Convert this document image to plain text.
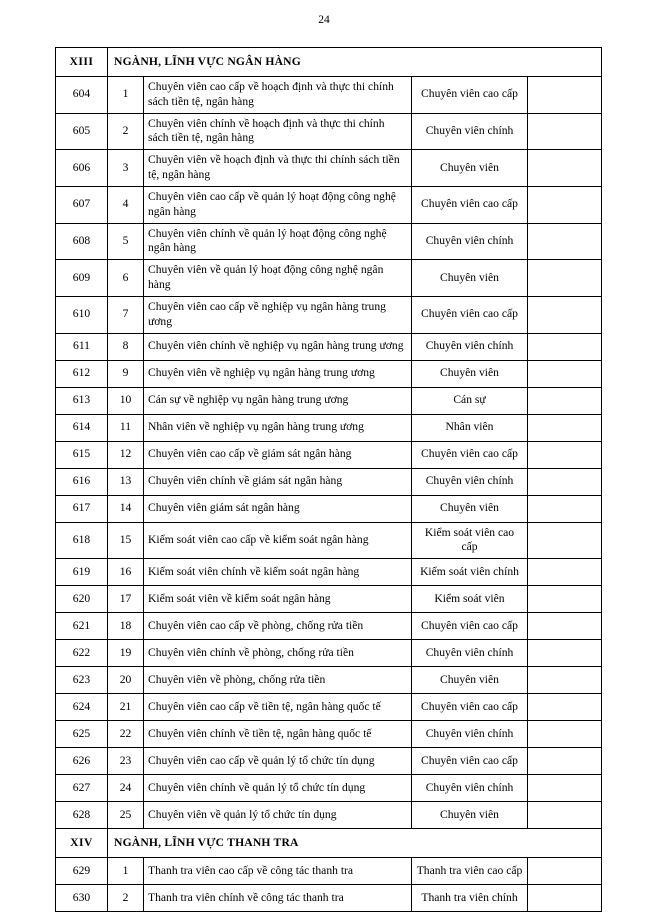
24
XIII	NGÀNH, LĨNH VỰC NGÂN HÀNG			
604	1	Chuyên viên cao cấp về hoạch định và thực thi chính sách tiền tệ, ngân hàng	Chuyên viên cao cấp	
605	2	Chuyên viên chính về hoạch định và thực thi chính sách tiền tệ, ngân hàng	Chuyên viên chính	
606	3	Chuyên viên về hoạch định và thực thi chính sách tiền tệ, ngân hàng	Chuyên viên	
607	4	Chuyên viên cao cấp về quản lý hoạt động công nghệ ngân hàng	Chuyên viên cao cấp	
608	5	Chuyên viên chính về quản lý hoạt động công nghệ ngân hàng	Chuyên viên chính	
609	6	Chuyên viên về quản lý hoạt động công nghệ ngân hàng	Chuyên viên	
610	7	Chuyên viên cao cấp về nghiệp vụ ngân hàng trung ương	Chuyên viên cao cấp	
611	8	Chuyên viên chính về nghiệp vụ ngân hàng trung ương	Chuyên viên chính	
612	9	Chuyên viên về nghiệp vụ ngân hàng trung ương	Chuyên viên	
613	10	Cán sự về nghiệp vụ ngân hàng trung ương	Cán sự	
614	11	Nhân viên về nghiệp vụ ngân hàng trung ương	Nhân viên	
615	12	Chuyên viên cao cấp về giám sát ngân hàng	Chuyên viên cao cấp	
616	13	Chuyên viên chính về giám sát ngân hàng	Chuyên viên chính	
617	14	Chuyên viên giám sát ngân hàng	Chuyên viên	
618	15	Kiểm soát viên cao cấp về kiểm soát ngân hàng	Kiểm soát viên cao cấp	
619	16	Kiểm soát viên chính về kiểm soát ngân hàng	Kiểm soát viên chính	
620	17	Kiểm soát viên về kiểm soát ngân hàng	Kiểm soát viên	
621	18	Chuyên viên cao cấp về phòng, chống rửa tiền	Chuyên viên cao cấp	
622	19	Chuyên viên chính về phòng, chống rửa tiền	Chuyên viên chính	
623	20	Chuyên viên về phòng, chống rửa tiền	Chuyên viên	
624	21	Chuyên viên cao cấp về tiền tệ, ngân hàng quốc tế	Chuyên viên cao cấp	
625	22	Chuyên viên chính về tiền tệ, ngân hàng quốc tế	Chuyên viên chính	
626	23	Chuyên viên cao cấp về quản lý tổ chức tín dụng	Chuyên viên cao cấp	
627	24	Chuyên viên chính về quản lý tổ chức tín dụng	Chuyên viên chính	
628	25	Chuyên viên về quản lý tổ chức tín dụng	Chuyên viên	
XIV	NGÀNH, LĨNH VỰC THANH TRA			
629	1	Thanh tra viên cao cấp về công tác thanh tra	Thanh tra viên cao cấp	
630	2	Thanh tra viên chính về công tác thanh tra	Thanh tra viên chính	
